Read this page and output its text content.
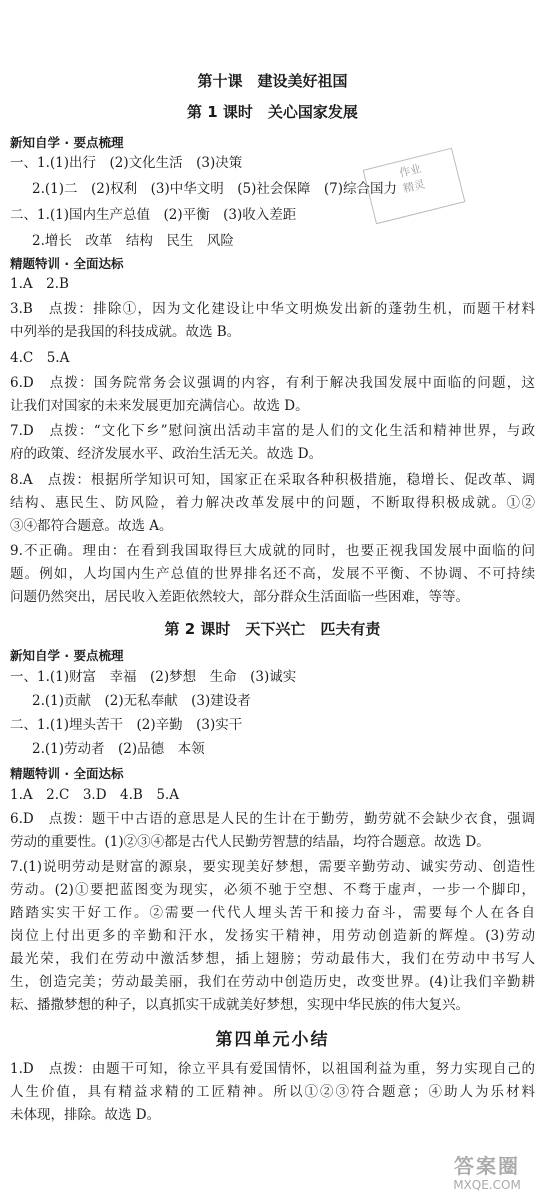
第十课　建设美好祖国
第 1 课时　关心国家发展
新知自学 · 要点梳理
一、1.(1)出行　(2)文化生活　(3)决策
2.(1)二　(2)权利　(3)中华文明　(5)社会保障　(7)综合国力
二、1.(1)国内生产总值　(2)平衡　(3)收入差距
2.增长　改革　结构　民生　风险
作业
精灵
精题特训 · 全面达标
1.A　2.B
3.B　点拨：排除①，因为文化建设让中华文明焕发出新的蓬勃生机，而题干材料
中列举的是我国的科技成就。故选 B。
4.C　5.A
6.D　点拨：国务院常务会议强调的内容，有利于解决我国发展中面临的问题，这
让我们对国家的未来发展更加充满信心。故选 D。
7.D　点拨：“文化下乡”慰问演出活动丰富的是人们的文化生活和精神世界，与政
府的政策、经济发展水平、政治生活无关。故选 D。
8.A　点拨：根据所学知识可知，国家正在采取各种积极措施，稳增长、促改革、调
结构、惠民生、防风险，着力解决改革发展中的问题，不断取得积极成就。①②
③④都符合题意。故选 A。
9.不正确。理由：在看到我国取得巨大成就的同时，也要正视我国发展中面临的问
题。例如，人均国内生产总值的世界排名还不高，发展不平衡、不协调、不可持续
问题仍然突出，居民收入差距依然较大，部分群众生活面临一些困难，等等。
第 2 课时　天下兴亡　匹夫有责
新知自学 · 要点梳理
一、1.(1)财富　幸福　(2)梦想　生命　(3)诚实
2.(1)贡献　(2)无私奉献　(3)建设者
二、1.(1)埋头苦干　(2)辛勤　(3)实干
2.(1)劳动者　(2)品德　本领
精题特训 · 全面达标
1.A　2.C　3.D　4.B　5.A
6.D　点拨：题干中古语的意思是人民的生计在于勤劳，勤劳就不会缺少衣食，强调
劳动的重要性。(1)②③④都是古代人民勤劳智慧的结晶，均符合题意。故选 D。
7.(1)说明劳动是财富的源泉，要实现美好梦想，需要辛勤劳动、诚实劳动、创造性
劳动。(2)①要把蓝图变为现实，必须不驰于空想、不骛于虚声，一步一个脚印，
踏踏实实干好工作。②需要一代代人埋头苦干和接力奋斗，需要每个人在各自
岗位上付出更多的辛勤和汗水，发扬实干精神，用劳动创造新的辉煌。(3)劳动
最光荣，我们在劳动中激活梦想，插上翅膀；劳动最伟大，我们在劳动中书写人
生，创造完美；劳动最美丽，我们在劳动中创造历史，改变世界。(4)让我们辛勤耕
耘、播撒梦想的种子，以真抓实干成就美好梦想，实现中华民族的伟大复兴。
第四单元小结
1.D　点拨：由题干可知，徐立平具有爱国情怀，以祖国利益为重，努力实现自己的
人生价值，具有精益求精的工匠精神。所以①②③符合题意；④助人为乐材料
未体现，排除。故选 D。
答案圈
MXQE.COM
